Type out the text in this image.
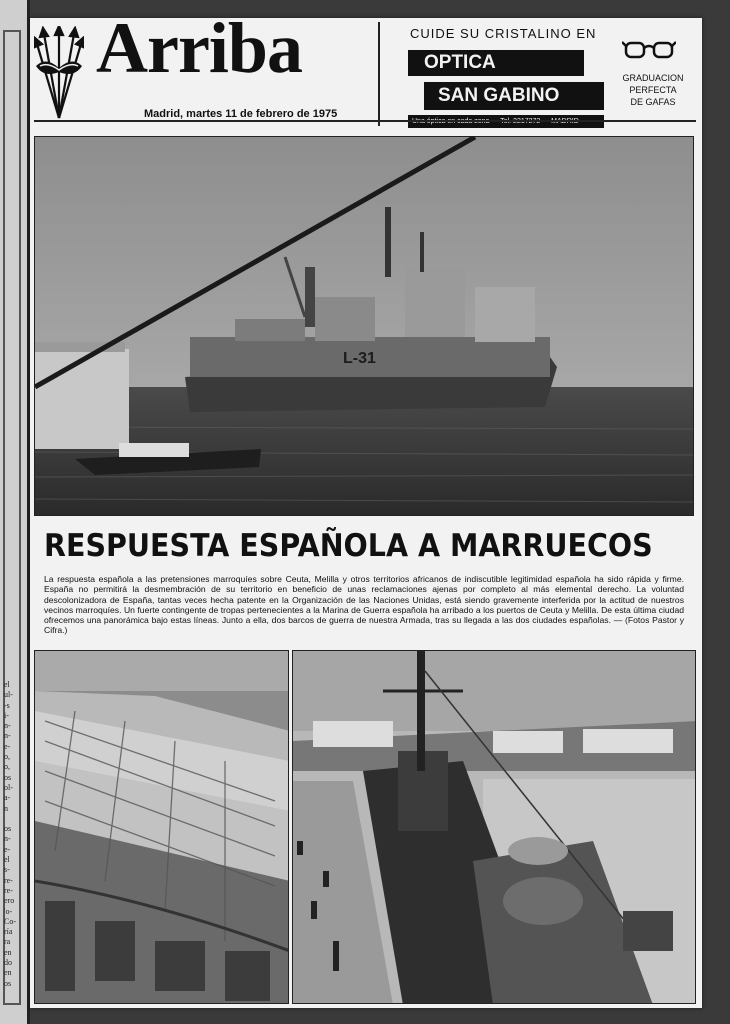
el
ul-
-s
i-
n-
n-
e-
o,
o,
os
ol-
a-
n
os
n-
e-
el
s-
re-
re-
ero
'o-
Co-
ría
ra
en
do
en
os
Arriba
Madrid, martes 11 de febrero de 1975
CUIDE SU CRISTALINO EN
OPTICA
SAN GABINO
GRADUACION
PERFECTA
DE GAFAS
L-31
RESPUESTA ESPAÑOLA A MARRUECOS
La respuesta española a las pretensiones marroquíes sobre Ceuta, Melilla y otros territorios africanos de indiscutible legitimidad española ha sido rápida y firme. España no permitirá la desmembración de su territorio en beneficio de unas reclamaciones ajenas por completo al más elemental derecho. La voluntad descolonizadora de España, tantas veces hecha patente en la Organización de las Naciones Unidas, está siendo gravemente interferida por la actitud de nuestros vecinos marroquíes. Un fuerte contingente de tropas pertenecientes a la Marina de Guerra española ha arribado a los puertos de Ceuta y Melilla. De esta última ciudad ofrecemos una panorámica bajo estas líneas. Junto a ella, dos barcos de guerra de nuestra Armada, tras su llegada a las dos ciudades españolas. — (Fotos Pastor y Cifra.)
